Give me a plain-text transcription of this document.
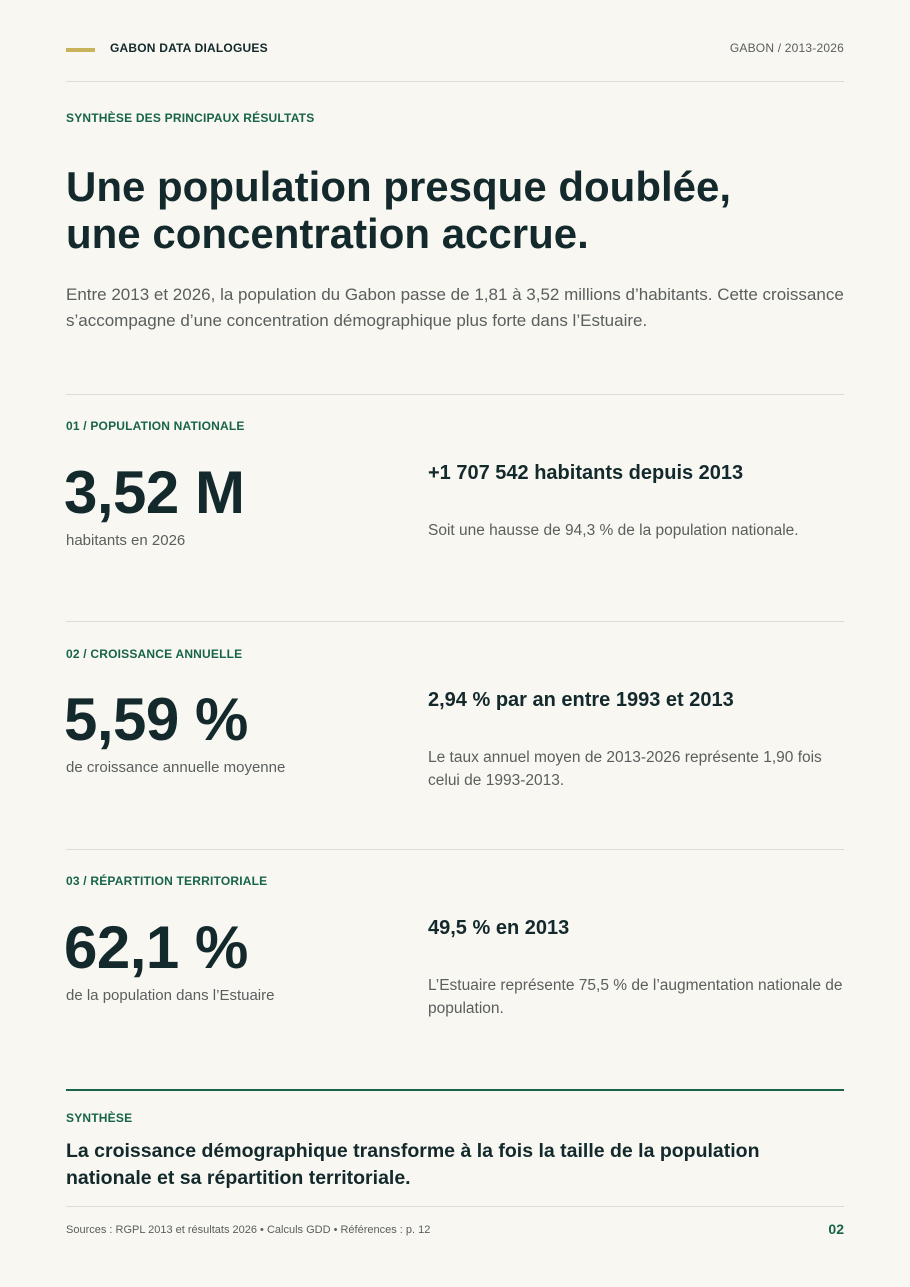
GABON DATA DIALOGUES	GABON / 2013-2026
SYNTHÈSE DES PRINCIPAUX RÉSULTATS
Une population presque doublée,
une concentration accrue.

Entre 2013 et 2026, la population du Gabon passe de 1,81 à 3,52 millions d’habitants. Cette croissance s’accompagne d’une concentration démographique plus forte dans l’Estuaire.

01 / POPULATION NATIONALE
3,52 M
habitants en 2026
+1 707 542 habitants depuis 2013
Soit une hausse de 94,3 % de la population nationale.
02 / CROISSANCE ANNUELLE
5,59 %
de croissance annuelle moyenne
2,94 % par an entre 1993 et 2013
Le taux annuel moyen de 2013-2026 représente 1,90 fois celui de 1993-2013.
03 / RÉPARTITION TERRITORIALE
62,1 %
de la population dans l’Estuaire
49,5 % en 2013
L’Estuaire représente 75,5 % de l’augmentation nationale de population.
SYNTHÈSE

La croissance démographique transforme à la fois la taille de la population nationale et sa répartition territoriale.

Sources : RGPL 2013 et résultats 2026 • Calculs GDD • Références : p. 12	02
